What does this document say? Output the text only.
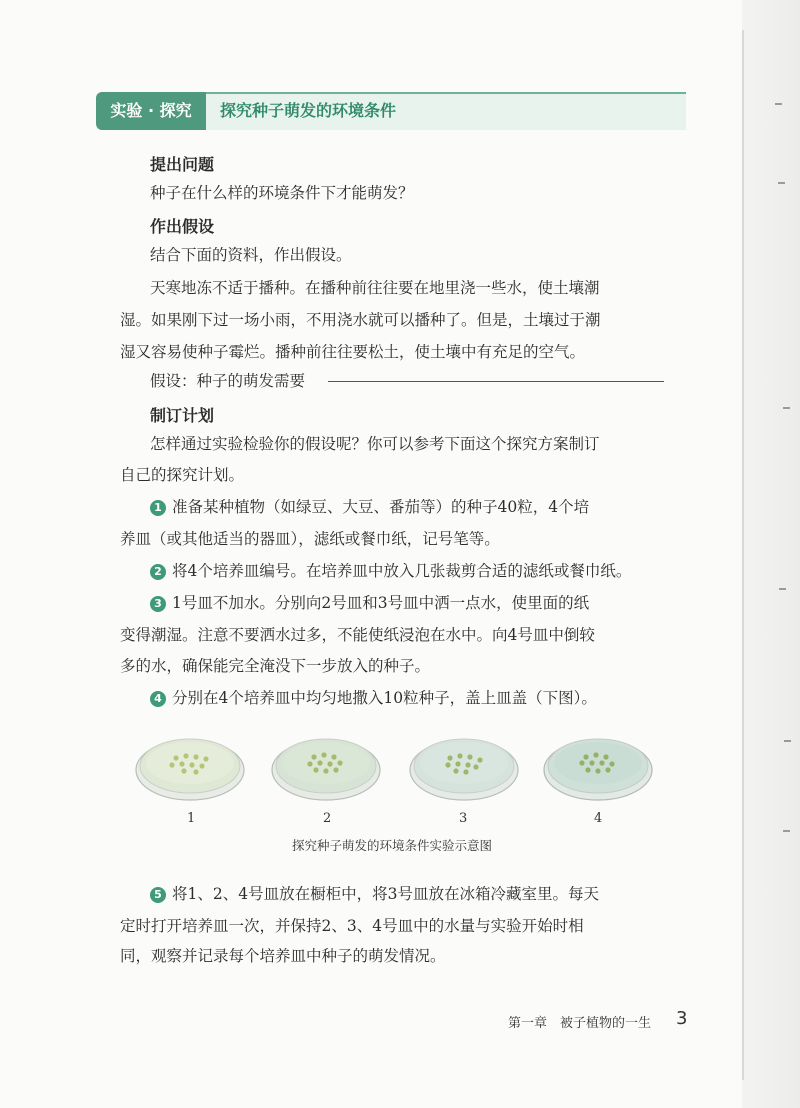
实验 · 探究	探究种子萌发的环境条件
提出问题
种子在什么样的环境条件下才能萌发？
作出假设
结合下面的资料，作出假设。
天寒地冻不适于播种。在播种前往往要在地里浇一些水，使土壤潮
湿。如果刚下过一场小雨，不用浇水就可以播种了。但是，土壤过于潮
湿又容易使种子霉烂。播种前往往要松土，使土壤中有充足的空气。
假设：种子的萌发需要
制订计划
怎样通过实验检验你的假设呢？你可以参考下面这个探究方案制订
自己的探究计划。
1 准备某种植物（如绿豆、大豆、番茄等）的种子40粒，4个培
养皿（或其他适当的器皿），滤纸或餐巾纸，记号笔等。
2 将4个培养皿编号。在培养皿中放入几张裁剪合适的滤纸或餐巾纸。
3 1号皿不加水。分别向2号皿和3号皿中洒一点水，使里面的纸
变得潮湿。注意不要洒水过多，不能使纸浸泡在水中。向4号皿中倒较
多的水，确保能完全淹没下一步放入的种子。
4 分别在4个培养皿中均匀地撒入10粒种子，盖上皿盖（下图）。
1	2	3	4
探究种子萌发的环境条件实验示意图
5 将1、2、4号皿放在橱柜中，将3号皿放在冰箱冷藏室里。每天
定时打开培养皿一次，并保持2、3、4号皿中的水量与实验开始时相
同，观察并记录每个培养皿中种子的萌发情况。
第一章　被子植物的一生 3
